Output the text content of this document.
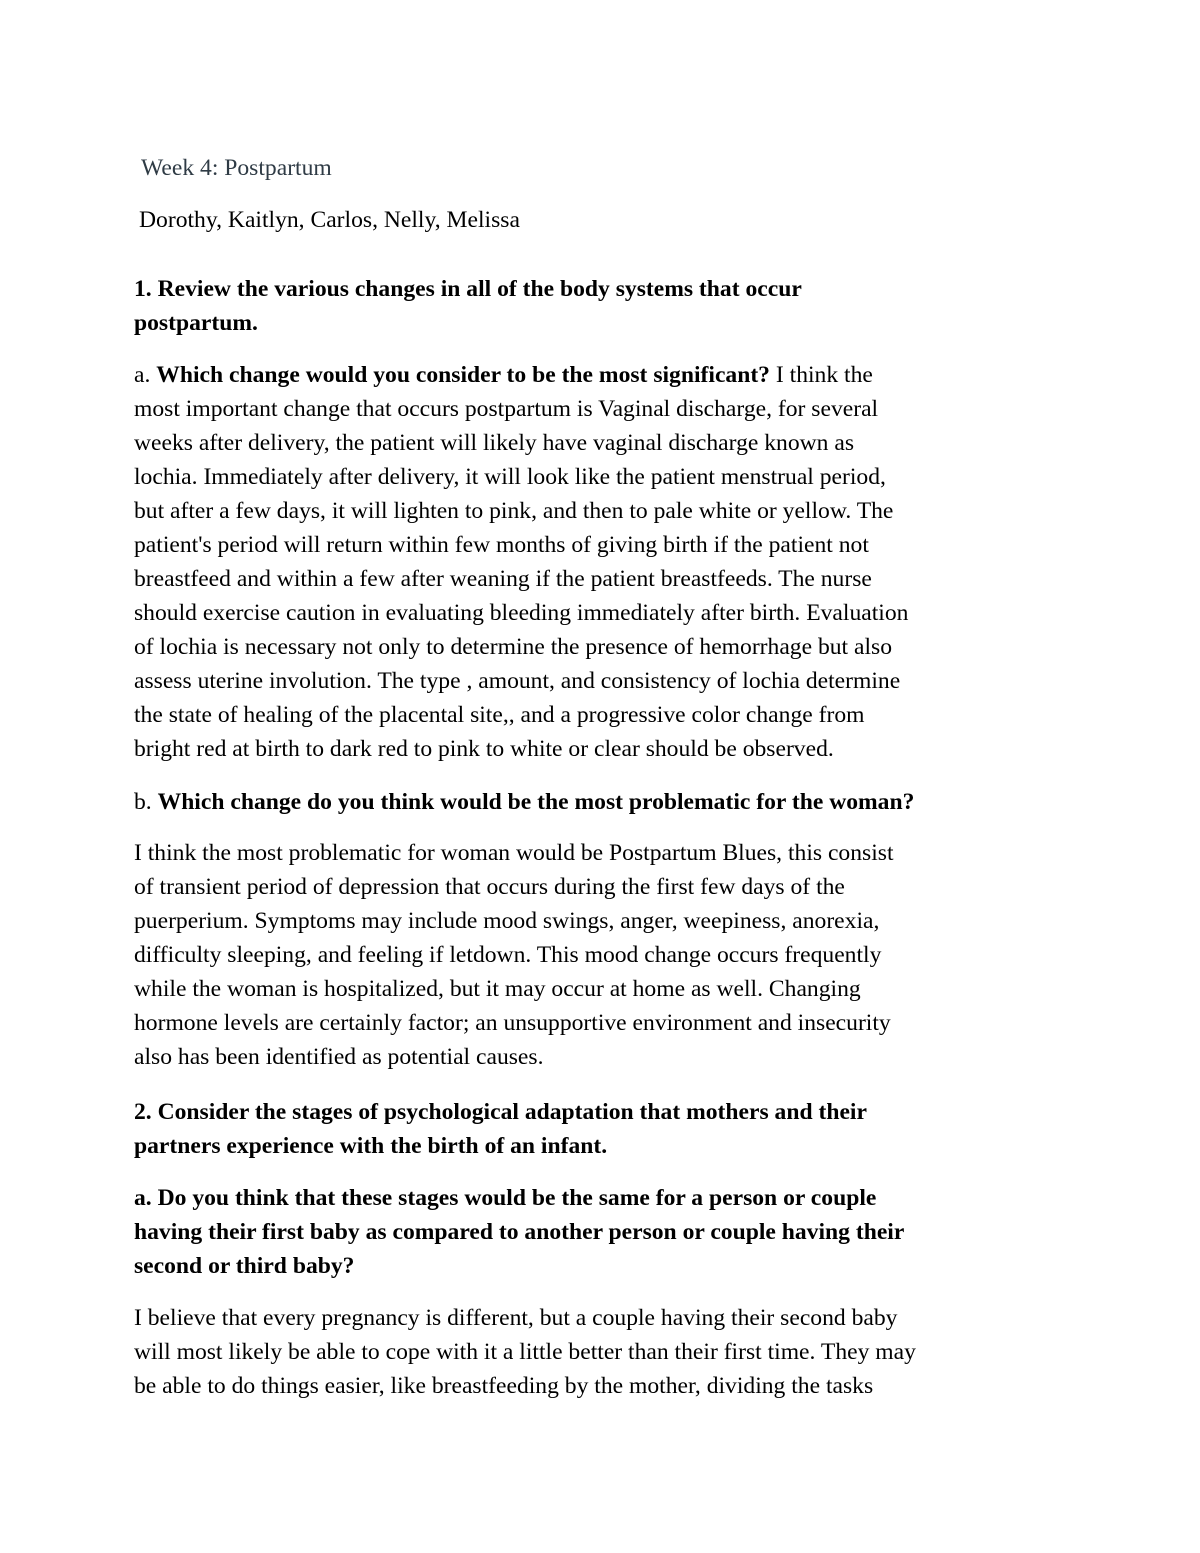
Week 4: Postpartum
Dorothy, Kaitlyn, Carlos, Nelly, Melissa
1. Review the various changes in all of the body systems that occur
postpartum.
a. Which change would you consider to be the most significant? I think the
most important change that occurs postpartum is Vaginal discharge, for several
weeks after delivery, the patient will likely have vaginal discharge known as
lochia. Immediately after delivery, it will look like the patient menstrual period,
but after a few days, it will lighten to pink, and then to pale white or yellow. The
patient's period will return within few months of giving birth if the patient not
breastfeed and within a few after weaning if the patient breastfeeds. The nurse
should exercise caution in evaluating bleeding immediately after birth. Evaluation
of lochia is necessary not only to determine the presence of hemorrhage but also
assess uterine involution. The type , amount, and consistency of lochia determine
the state of healing of the placental site,, and a progressive color change from
bright red at birth to dark red to pink to white or clear should be observed.
b. Which change do you think would be the most problematic for the woman?
I think the most problematic for woman would be Postpartum Blues, this consist
of transient period of depression that occurs during the first few days of the
puerperium. Symptoms may include mood swings, anger, weepiness, anorexia,
difficulty sleeping, and feeling if letdown. This mood change occurs frequently
while the woman is hospitalized, but it may occur at home as well. Changing
hormone levels are certainly factor; an unsupportive environment and insecurity
also has been identified as potential causes.
2. Consider the stages of psychological adaptation that mothers and their
partners experience with the birth of an infant.
a. Do you think that these stages would be the same for a person or couple
having their first baby as compared to another person or couple having their
second or third baby?
I believe that every pregnancy is different, but a couple having their second baby
will most likely be able to cope with it a little better than their first time. They may
be able to do things easier, like breastfeeding by the mother, dividing the tasks
